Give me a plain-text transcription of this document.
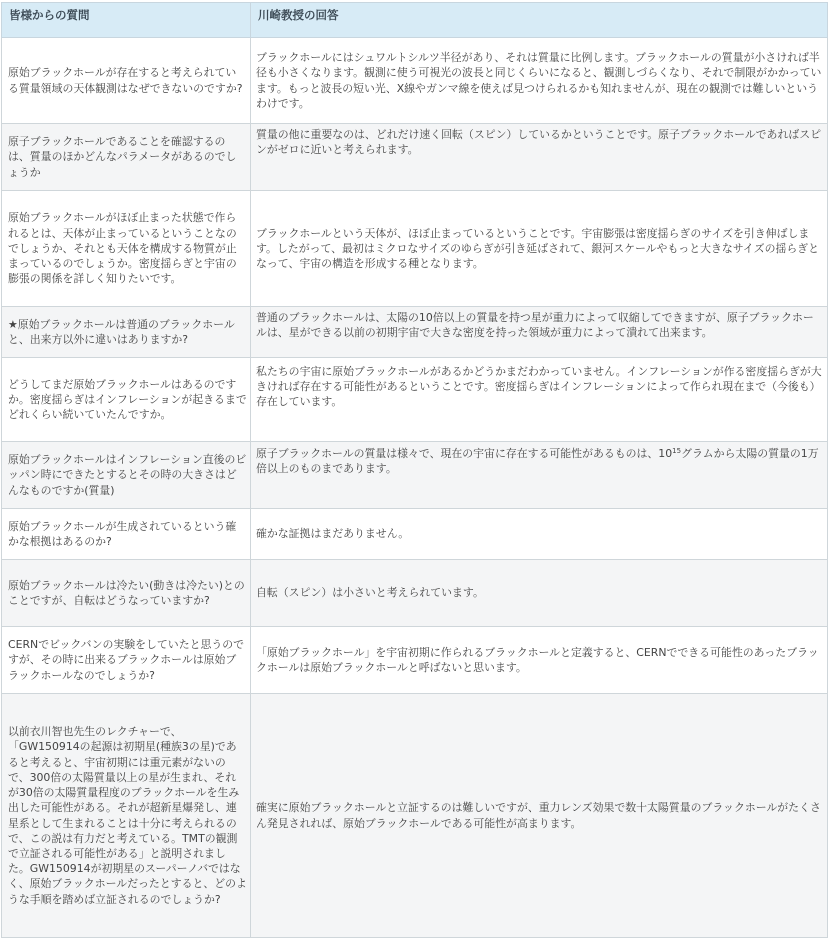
皆様からの質問	川崎教授の回答
原始ブラックホールが存在すると考えられている質量領域の天体観測はなぜできないのですか?	ブラックホールにはシュワルトシルツ半径があり、それは質量に比例します。ブラックホールの質量が小さければ半径も小さくなります。観測に使う可視光の波長と同じくらいになると、観測しづらくなり、それで制限がかかっています。もっと波長の短い光、X線やガンマ線を使えば見つけられるかも知れませんが、現在の観測では難しいというわけです。
原子ブラックホールであることを確認するのは、質量のほかどんなパラメータがあるのでしょうか	質量の他に重要なのは、どれだけ速く回転（スピン）しているかということです。原子ブラックホールであればスピンがゼロに近いと考えられます。
原始ブラックホールがほぼ止まった状態で作られるとは、天体が止まっているということなのでしょうか、それとも天体を構成する物質が止まっているのでしょうか。密度揺らぎと宇宙の膨張の関係を詳しく知りたいです。	ブラックホールという天体が、ほぼ止まっているということです。宇宙膨張は密度揺らぎのサイズを引き伸ばします。したがって、最初はミクロなサイズのゆらぎが引き延ばされて、銀河スケールやもっと大きなサイズの揺らぎとなって、宇宙の構造を形成する種となります。
★原始ブラックホールは普通のブラックホールと、出来方以外に違いはありますか?	普通のブラックホールは、太陽の10倍以上の質量を持つ星が重力によって収縮してできますが、原子ブラックホールは、星ができる以前の初期宇宙で大きな密度を持った領域が重力によって潰れて出来ます。
どうしてまだ原始ブラックホールはあるのですか。密度揺らぎはインフレーションが起きるまでどれくらい続いていたんですか。	私たちの宇宙に原始ブラックホールがあるかどうかまだわかっていません。インフレーションが作る密度揺らぎが大きければ存在する可能性があるということです。密度揺らぎはインフレーションによって作られ現在まで（今後も）存在しています。
原始ブラックホールはインフレーション直後のビッパン時にできたとするとその時の大きさはどんなものですか(質量)	原子ブラックホールの質量は様々で、現在の宇宙に存在する可能性があるものは、$10^{15}$グラムから太陽の質量の1万倍以上のものまであります。
原始ブラックホールが生成されているという確かな根拠はあるのか?	確かな証拠はまだありません。
原始ブラックホールは冷たい(動きは冷たい)とのことですが、自転はどうなっていますか?	自転（スピン）は小さいと考えられています。
CERNでビックバンの実験をしていたと思うのですが、その時に出来るブラックホールは原始ブラックホールなのでしょうか?	「原始ブラックホール」を宇宙初期に作られるブラックホールと定義すると、CERNでできる可能性のあったブラックホールは原始ブラックホールと呼ばないと思います。
以前衣川智也先生のレクチャーで、「GW150914の起源は初期星(種族3の星)であると考えると、宇宙初期には重元素がないので、300倍の太陽質量以上の星が生まれ、それが30倍の太陽質量程度のブラックホールを生み出した可能性がある。それが超新星爆発し、連星系として生まれることは十分に考えられるので、この説は有力だと考えている。TMTの観測で立証される可能性がある」と説明されました。GW150914が初期星のスーパーノバではなく、原始ブラックホールだったとすると、どのような手順を踏めば立証されるのでしょうか?	確実に原始ブラックホールと立証するのは難しいですが、重力レンズ効果で数十太陽質量のブラックホールがたくさん発見されれば、原始ブラックホールである可能性が高まります。
